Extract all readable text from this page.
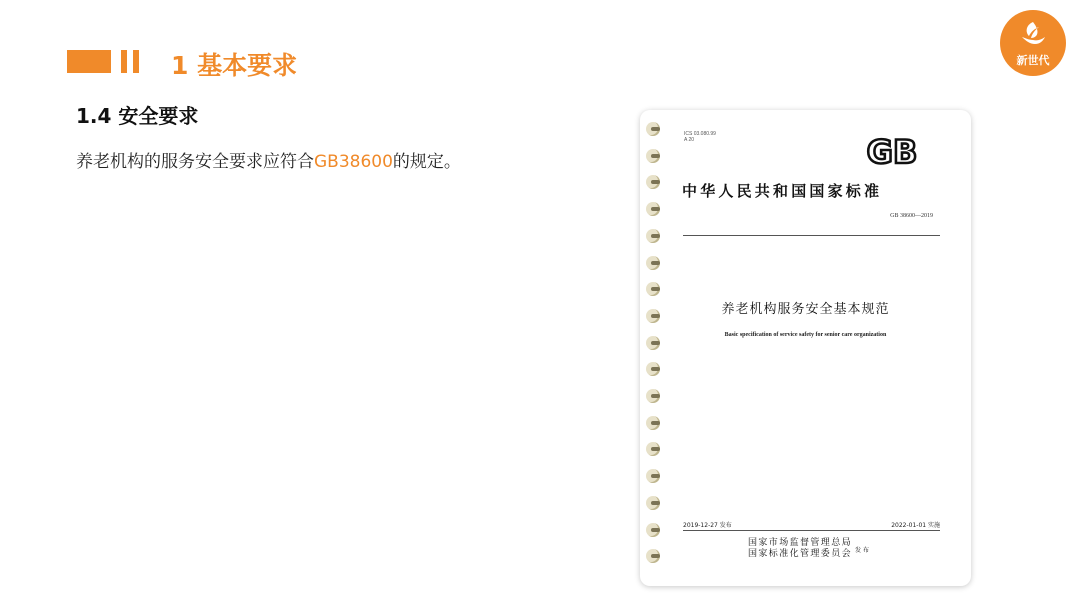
1 基本要求	新世代
1.4 安全要求
养老机构的服务安全要求应符合GB38600的规定。
ICS 03.080.99
A 20	GB
中华人民共和国国家标准
GB 38600—2019
养老机构服务安全基本规范
Basic specification of service safety for senior care organization
2019-12-27 发布	2022-01-01 实施
国家市场监督管理总局
国家标准化管理委员会 发布
